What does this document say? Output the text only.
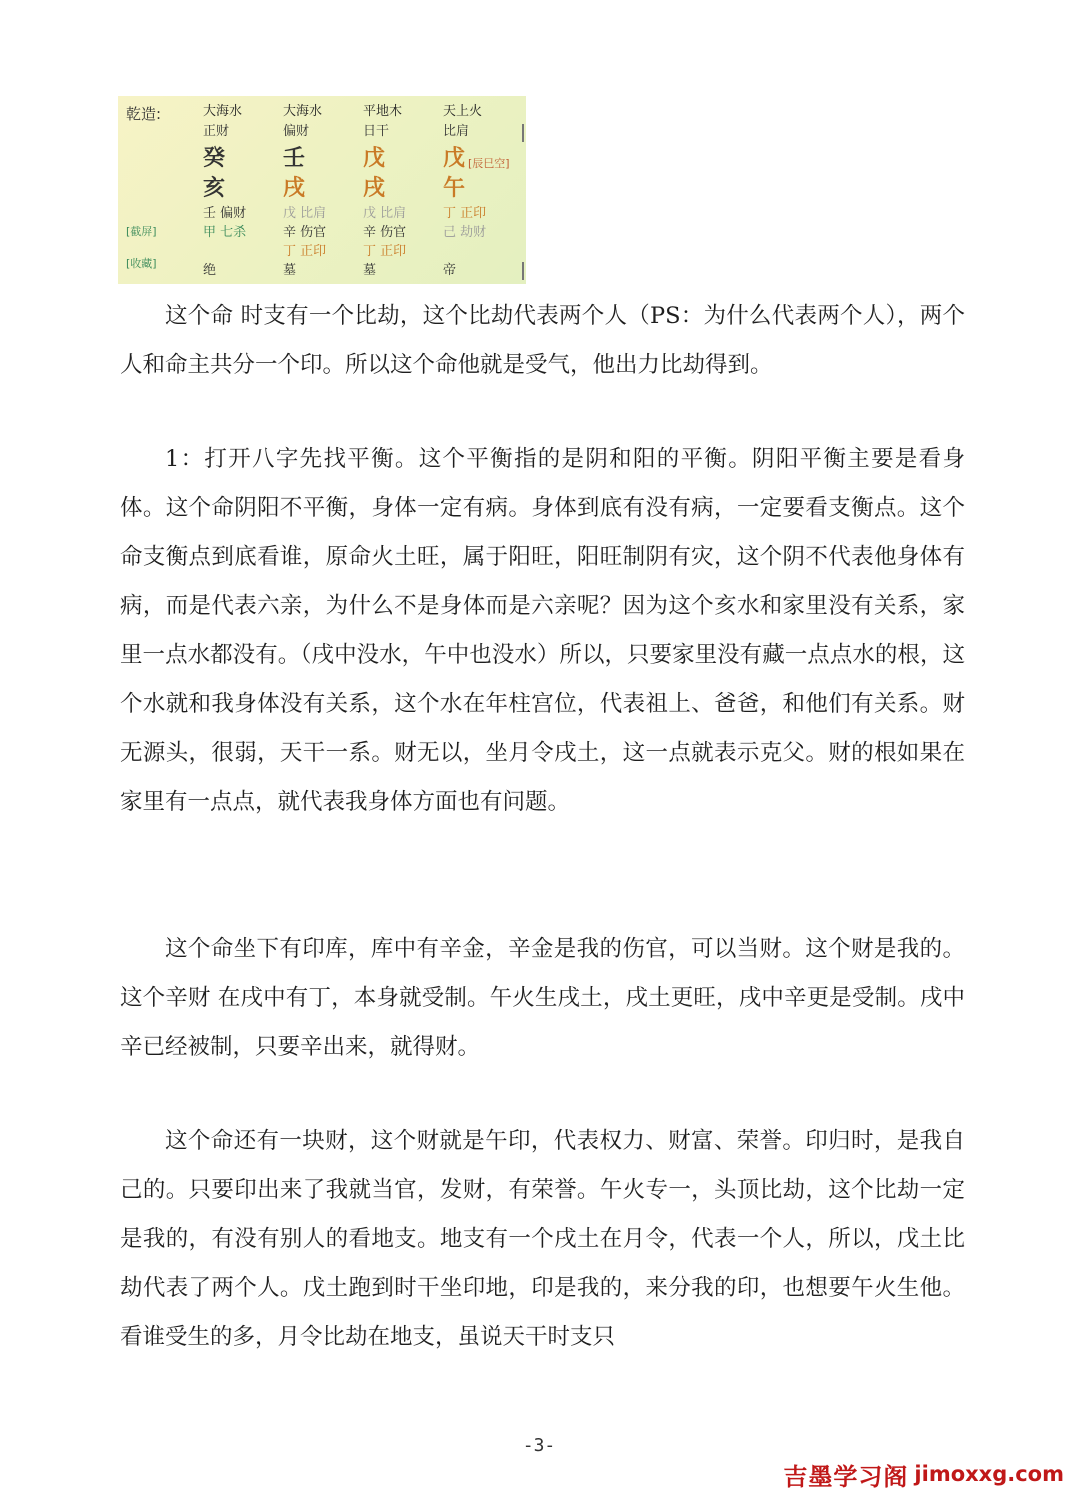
乾造:
[截屏]
[收藏]
大海水
正财
癸
亥
壬 偏财
甲 七杀
绝
大海水
偏财
壬
戌
戊 比肩
辛 伤官
丁 正印
墓
平地木
日干
戊
戌
戊 比肩
辛 伤官
丁 正印
墓
天上火
比肩
戊 [辰巳空]
午
丁 正印
己 劫财
帝

这个命 时支有一个比劫，这个比劫代表两个人（PS：为什么代表两个人），两个人和命主共分一个印。所以这个命他就是受气，他出力比劫得到。

1：打开八字先找平衡。这个平衡指的是阴和阳的平衡。阴阳平衡主要是看身体。这个命阴阳不平衡，身体一定有病。身体到底有没有病，一定要看支衡点。这个命支衡点到底看谁，原命火土旺，属于阳旺，阳旺制阴有灾，这个阴不代表他身体有病，而是代表六亲，为什么不是身体而是六亲呢？因为这个亥水和家里没有关系，家里一点水都没有。（戌中没水，午中也没水）所以，只要家里没有藏一点点水的根，这个水就和我身体没有关系，这个水在年柱宫位，代表祖上、爸爸，和他们有关系。财无源头，很弱，天干一系。财无以，坐月令戌土，这一点就表示克父。财的根如果在家里有一点点，就代表我身体方面也有问题。

这个命坐下有印库，库中有辛金，辛金是我的伤官，可以当财。这个财是我的。这个辛财 在戌中有丁，本身就受制。午火生戌土，戌土更旺，戌中辛更是受制。戌中辛已经被制，只要辛出来，就得财。

这个命还有一块财，这个财就是午印，代表权力、财富、荣誉。印归时，是我自己的。只要印出来了我就当官，发财，有荣誉。午火专一，头顶比劫，这个比劫一定是我的，有没有别人的看地支。地支有一个戌土在月令，代表一个人，所以，戊土比劫代表了两个人。戊土跑到时干坐印地，印是我的，来分我的印，也想要午火生他。看谁受生的多，月令比劫在地支，虽说天干时支只

-3-
吉墨学习阁 jimoxxg.com
